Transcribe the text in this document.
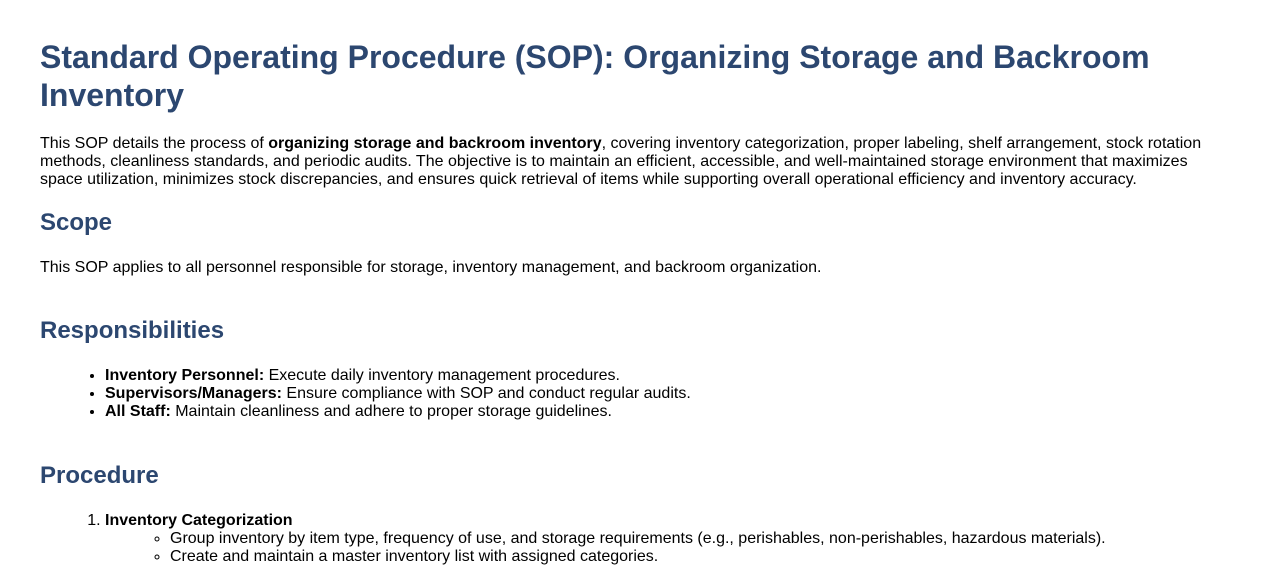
Standard Operating Procedure (SOP): Organizing Storage and Backroom Inventory

This SOP details the process of organizing storage and backroom inventory, covering inventory categorization, proper labeling, shelf arrangement, stock rotation methods, cleanliness standards, and periodic audits. The objective is to maintain an efficient, accessible, and well-maintained storage environment that maximizes space utilization, minimizes stock discrepancies, and ensures quick retrieval of items while supporting overall operational efficiency and inventory accuracy.

Scope

This SOP applies to all personnel responsible for storage, inventory management, and backroom organization.

Responsibilities
• Inventory Personnel: Execute daily inventory management procedures.
• Supervisors/Managers: Ensure compliance with SOP and conduct regular audits.
• All Staff: Maintain cleanliness and adhere to proper storage guidelines.
Procedure
1. Inventory Categorization
◦ Group inventory by item type, frequency of use, and storage requirements (e.g., perishables, non-perishables, hazardous materials).
◦ Create and maintain a master inventory list with assigned categories.
